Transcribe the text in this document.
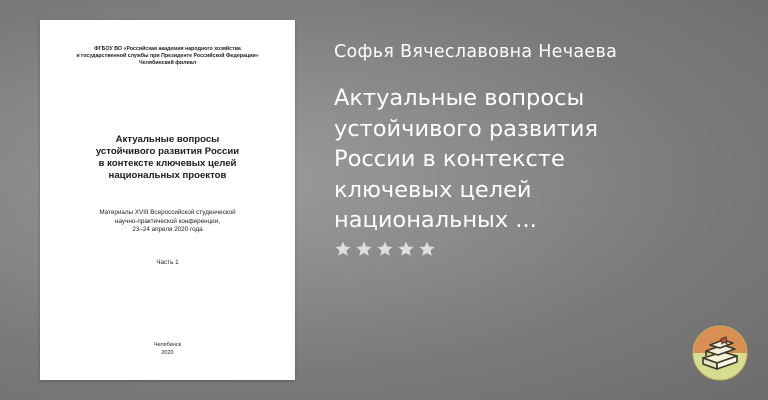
ФГБОУ ВО «Российская академия народного хозяйства
и государственной службы при Президенте Российской Федерации»
Челябинский филиал
Актуальные вопросы
устойчивого развития России
в контексте ключевых целей
национальных проектов
Материалы XVIII Всероссийской студенческой
научно-практической конференции,
23–24 апреля 2020 года
Часть 1
Челябинск
2020
Софья Вячеславовна Нечаева
Актуальные вопросы
устойчивого развития
России в контексте
ключевых целей
национальных ...
